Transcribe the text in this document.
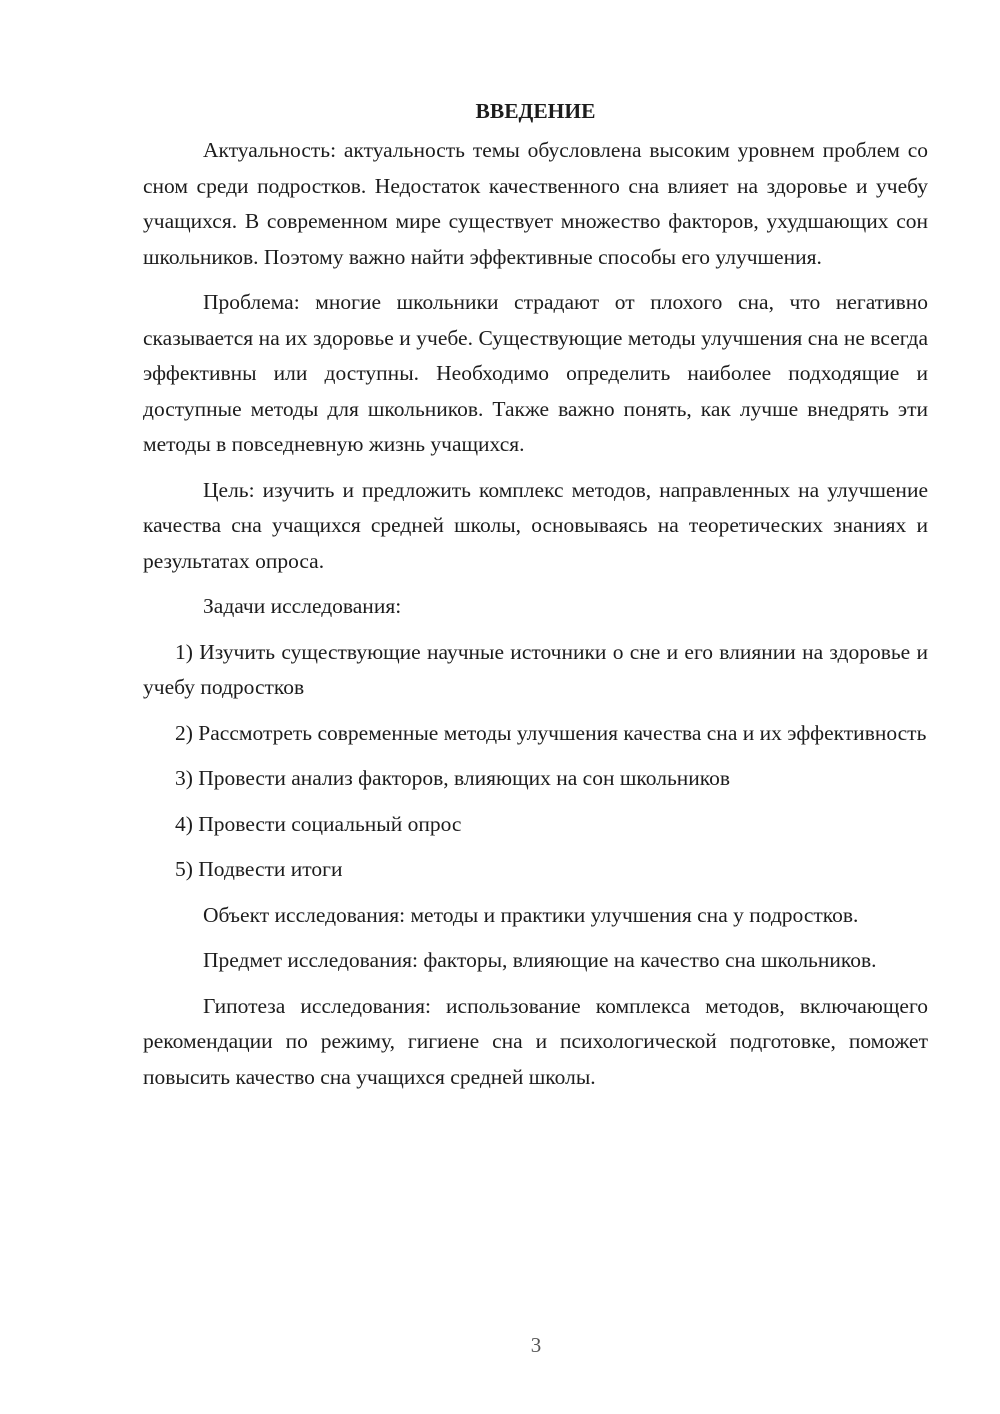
ВВЕДЕНИЕ

Актуальность: актуальность темы обусловлена высоким уровнем проблем со сном среди подростков. Недостаток качественного сна влияет на здоровье и учебу учащихся. В современном мире существует множество факторов, ухудшающих сон школьников. Поэтому важно найти эффективные способы его улучшения.

Проблема: многие школьники страдают от плохого сна, что негативно сказывается на их здоровье и учебе. Существующие методы улучшения сна не всегда эффективны или доступны. Необходимо определить наиболее подходящие и доступные методы для школьников. Также важно понять, как лучше внедрять эти методы в повседневную жизнь учащихся.

Цель: изучить и предложить комплекс методов, направленных на улучшение качества сна учащихся средней школы, основываясь на теоретических знаниях и результатах опроса.

Задачи исследования:

1) Изучить существующие научные источники о сне и его влиянии на здоровье и учебу подростков

2) Рассмотреть современные методы улучшения качества сна и их эффективность

3) Провести анализ факторов, влияющих на сон школьников

4) Провести социальный опрос

5) Подвести итоги

Объект исследования: методы и практики улучшения сна у подростков.

Предмет исследования: факторы, влияющие на качество сна школьников.

Гипотеза исследования: использование комплекса методов, включающего рекомендации по режиму, гигиене сна и психологической подготовке, поможет повысить качество сна учащихся средней школы.

3
